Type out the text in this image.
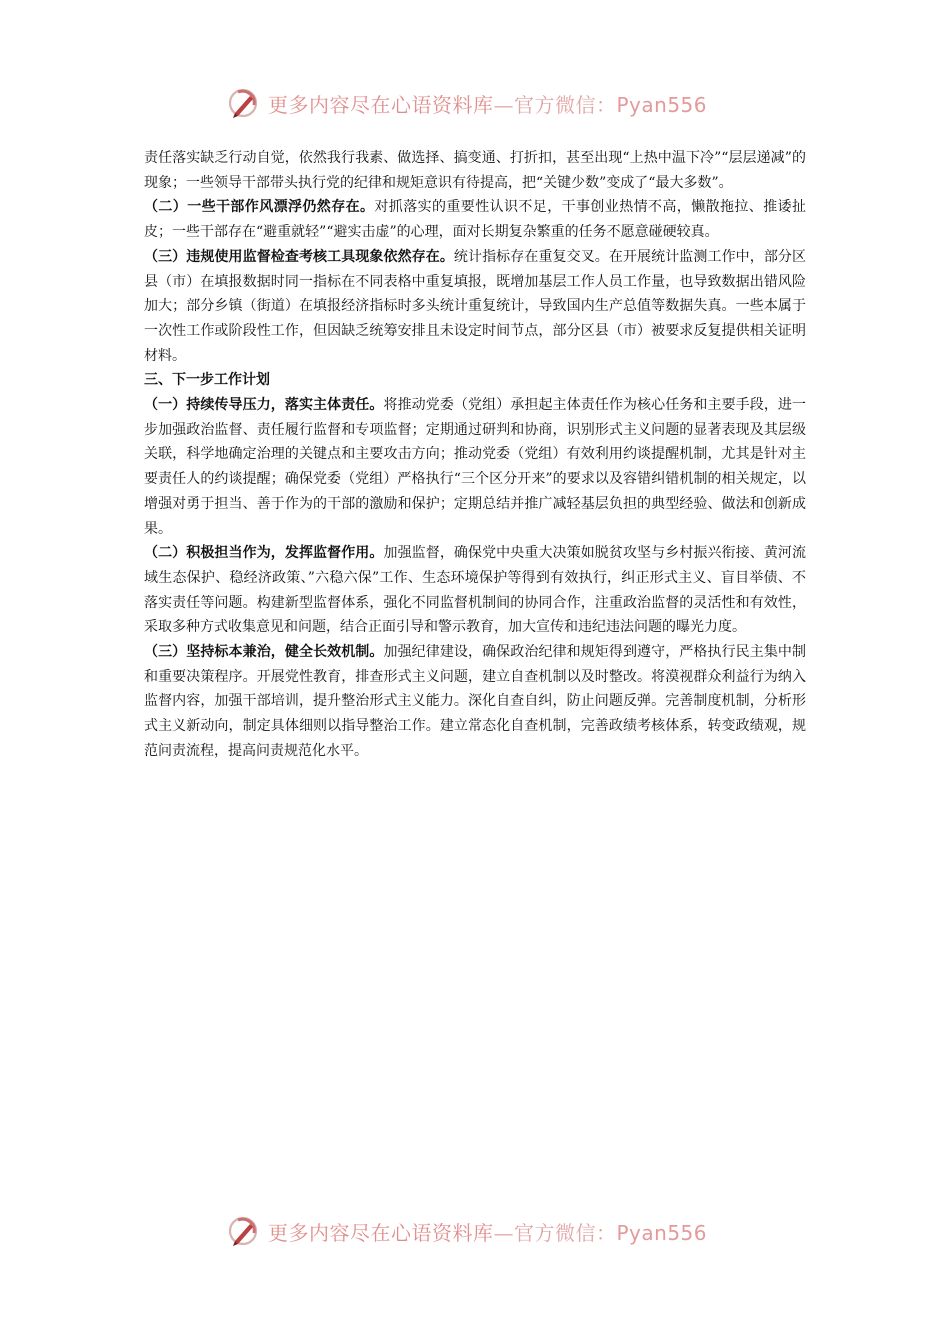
更多内容尽在心语资料库—官方微信：Pyan556

责任落实缺乏行动自觉，依然我行我素、做选择、搞变通、打折扣，甚至出现“上热中温下冷”“层层递减”的现象；一些领导干部带头执行党的纪律和规矩意识有待提高，把“关键少数”变成了“最大多数”。

（二）一些干部作风漂浮仍然存在。对抓落实的重要性认识不足，干事创业热情不高，懒散拖拉、推诿扯皮；一些干部存在“避重就轻”“避实击虚”的心理，面对长期复杂繁重的任务不愿意碰硬较真。

（三）违规使用监督检查考核工具现象依然存在。统计指标存在重复交叉。在开展统计监测工作中，部分区县（市）在填报数据时同一指标在不同表格中重复填报，既增加基层工作人员工作量，也导致数据出错风险加大；部分乡镇（街道）在填报经济指标时多头统计重复统计，导致国内生产总值等数据失真。一些本属于一次性工作或阶段性工作，但因缺乏统筹安排且未设定时间节点，部分区县（市）被要求反复提供相关证明材料。

三、下一步工作计划

（一）持续传导压力，落实主体责任。将推动党委（党组）承担起主体责任作为核心任务和主要手段，进一步加强政治监督、责任履行监督和专项监督；定期通过研判和协商，识别形式主义问题的显著表现及其层级关联，科学地确定治理的关键点和主要攻击方向；推动党委（党组）有效利用约谈提醒机制，尤其是针对主要责任人的约谈提醒；确保党委（党组）严格执行“三个区分开来”的要求以及容错纠错机制的相关规定，以增强对勇于担当、善于作为的干部的激励和保护；定期总结并推广减轻基层负担的典型经验、做法和创新成果。

（二）积极担当作为，发挥监督作用。加强监督，确保党中央重大决策如脱贫攻坚与乡村振兴衔接、黄河流域生态保护、稳经济政策、”六稳六保”工作、生态环境保护等得到有效执行，纠正形式主义、盲目举债、不落实责任等问题。构建新型监督体系，强化不同监督机制间的协同合作，注重政治监督的灵活性和有效性，采取多种方式收集意见和问题，结合正面引导和警示教育，加大宣传和违纪违法问题的曝光力度。

（三）坚持标本兼治，健全长效机制。加强纪律建设，确保政治纪律和规矩得到遵守，严格执行民主集中制和重要决策程序。开展党性教育，排查形式主义问题，建立自查机制以及时整改。将漠视群众利益行为纳入监督内容，加强干部培训，提升整治形式主义能力。深化自查自纠，防止问题反弹。完善制度机制，分析形式主义新动向，制定具体细则以指导整治工作。建立常态化自查机制，完善政绩考核体系，转变政绩观，规范问责流程，提高问责规范化水平。

更多内容尽在心语资料库—官方微信：Pyan556
